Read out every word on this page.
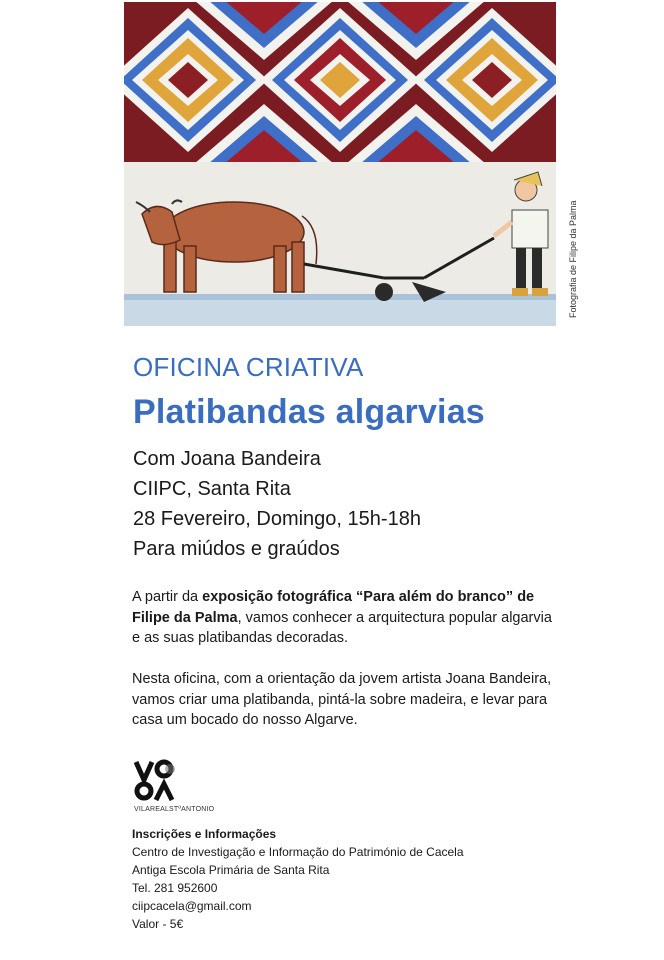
Fotografia de Filipe da Palma
OFICINA CRIATIVA
Platibandas algarvias
Com Joana Bandeira
CIIPC, Santa Rita
28 Fevereiro, Domingo, 15h-18h
Para miúdos e graúdos

A partir da exposição fotográfica “Para além do branco” de Filipe da Palma, vamos conhecer a arquitectura popular algarvia e as suas platibandas decoradas.

Nesta oficina, com a orientação da jovem artista Joana Bandeira, vamos criar uma platibanda, pintá-la sobre madeira, e levar para casa um bocado do nosso Algarve.

VILAREALSTºANTONIO
Inscrições e Informações
Centro de Investigação e Informação do Património de Cacela
Antiga Escola Primária de Santa Rita
Tel. 281 952600
ciipcacela@gmail.com
Valor - 5€
